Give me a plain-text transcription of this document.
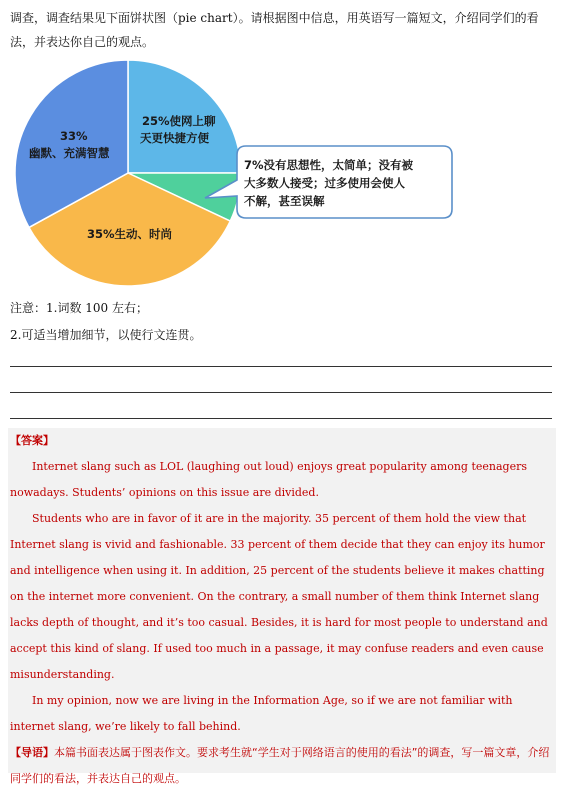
调查，调查结果见下面饼状图（pie chart）。请根据图中信息，用英语写一篇短文，介绍同学们的看法，并表达你自己的观点。
25%使网上聊
天更快捷方便
7%没有思想性，太简单；没有被
大多数人接受；过多使用会使人
不解，甚至误解
35%生动、时尚
33%
幽默、充满智慧
注意：1.词数 100 左右；
2.可适当增加细节，以使行文连贯。

【答案】

Internet slang such as LOL (laughing out loud) enjoys great popularity among teenagers nowadays. Students’ opinions on this issue are divided.

Students who are in favor of it are in the majority. 35 percent of them hold the view that Internet slang is vivid and fashionable. 33 percent of them decide that they can enjoy its humor and intelligence when using it. In addition, 25 percent of the students believe it makes chatting on the internet more convenient. On the contrary, a small number of them think Internet slang lacks depth of thought, and it’s too casual. Besides, it is hard for most people to understand and accept this kind of slang. If used too much in a passage, it may confuse readers and even cause misunderstanding.

In my opinion, now we are living in the Information Age, so if we are not familiar with internet slang, we’re likely to fall behind.

【导语】本篇书面表达属于图表作文。要求考生就“学生对于网络语言的使用的看法”的调查，写一篇文章，介绍同学们的看法，并表达自己的观点。
